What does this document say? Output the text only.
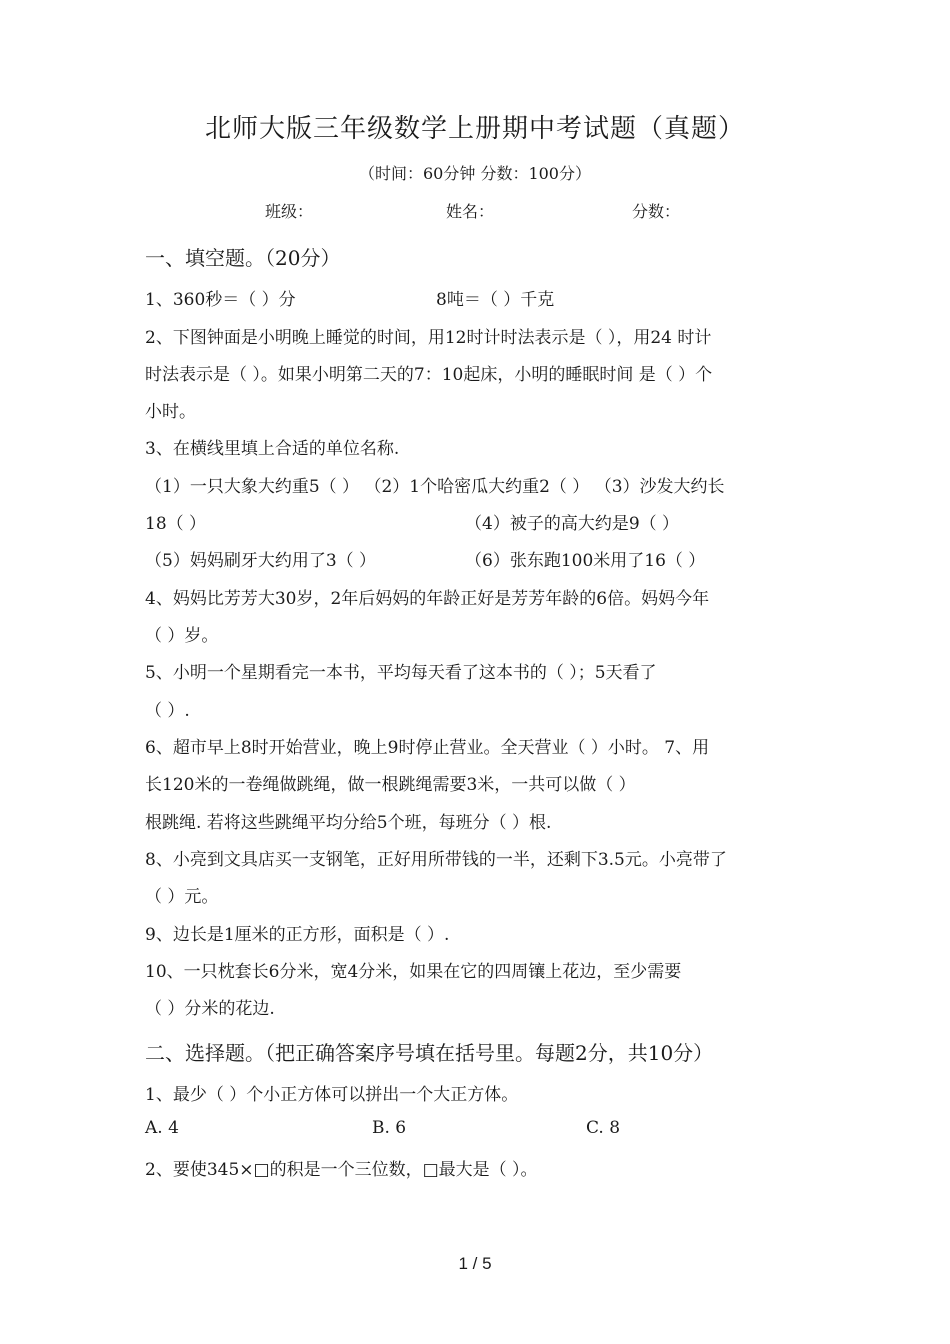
北师大版三年级数学上册期中考试题（真题）
（时间：60分钟 分数：100分）
班级：	姓名：	分数：
一、填空题。（20分）
1、360秒＝（ ）分	8吨＝（ ）千克
2、下图钟面是小明晚上睡觉的时间，用12时计时法表示是（ ），用24 时计
时法表示是（ ）。如果小明第二天的7：10起床，小明的睡眠时间 是（ ）个
小时。
3、在横线里填上合适的单位名称.
（1）一只大象大约重5（ ） （2）1个哈密瓜大约重2（ ） （3）沙发大约长
18（ ）	（4）被子的高大约是9（ ）
（5）妈妈刷牙大约用了3（ ）	（6）张东跑100米用了16（ ）
4、妈妈比芳芳大30岁，2年后妈妈的年龄正好是芳芳年龄的6倍。妈妈今年
（ ）岁。
5、小明一个星期看完一本书，平均每天看了这本书的（ ）；5天看了
（ ）.
6、超市早上8时开始营业，晚上9时停止营业。全天营业（ ）小时。 7、用
长120米的一卷绳做跳绳，做一根跳绳需要3米，一共可以做（ ）
根跳绳. 若将这些跳绳平均分给5个班，每班分（ ）根.
8、小亮到文具店买一支钢笔，正好用所带钱的一半，还剩下3.5元。小亮带了
（ ）元。
9、边长是1厘米的正方形，面积是（ ）.
10、一只枕套长6分米，宽4分米，如果在它的四周镶上花边，至少需要
（ ）分米的花边.
二、选择题。（把正确答案序号填在括号里。每题2分，共10分）
1、最少（ ）个小正方体可以拼出一个大正方体。
A. 4	B. 6	C. 8
2、要使345×□的积是一个三位数，□最大是（ ）。
1 / 5
